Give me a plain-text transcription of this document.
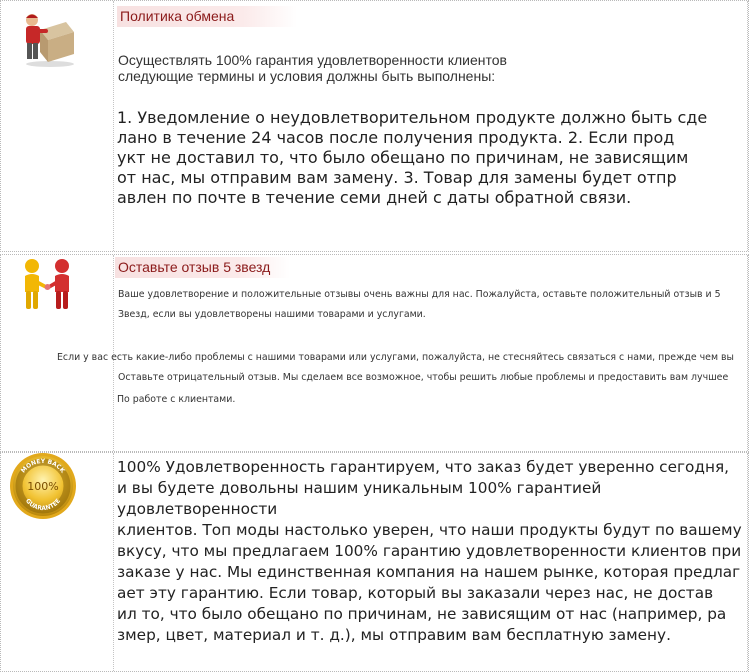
Политика обмена
Осуществлять 100% гарантия удовлетворенности клиентов
следующие термины и условия должны быть выполнены:
1. Уведомление о неудовлетворительном продукте должно быть сде
лано в течение 24 часов после получения продукта. 2. Если прод
укт не доставил то, что было обещано по причинам, не зависящим
от нас, мы отправим вам замену. 3. Товар для замены будет отпр
авлен по почте в течение семи дней с даты обратной связи.
Оставьте отзыв 5 звезд
Ваше удовлетворение и положительные отзывы очень важны для нас. Пожалуйста, оставьте положительный отзыв и 5
Звезд, если вы удовлетворены нашими товарами и услугами.
Если у вас есть какие-либо проблемы с нашими товарами или услугами, пожалуйста, не стесняйтесь связаться с нами, прежде чем вы
Оставьте отрицательный отзыв. Мы сделаем все возможное, чтобы решить любые проблемы и предоставить вам лучшее
По работе с клиентами.
MONEY BACK
GUARANTEE
100%
100% Удовлетворенность гарантируем, что заказ будет уверенно сегодня,
и вы будете довольны нашим уникальным 100% гарантией удовлетворенности
клиентов. Топ моды настолько уверен, что наши продукты будут по вашему
вкусу, что мы предлагаем 100% гарантию удовлетворенности клиентов при
заказе у нас. Мы единственная компания на нашем рынке, которая предлаг
ает эту гарантию. Если товар, который вы заказали через нас, не достав
ил то, что было обещано по причинам, не зависящим от нас (например, ра
змер, цвет, материал и т. д.), мы отправим вам бесплатную замену.
